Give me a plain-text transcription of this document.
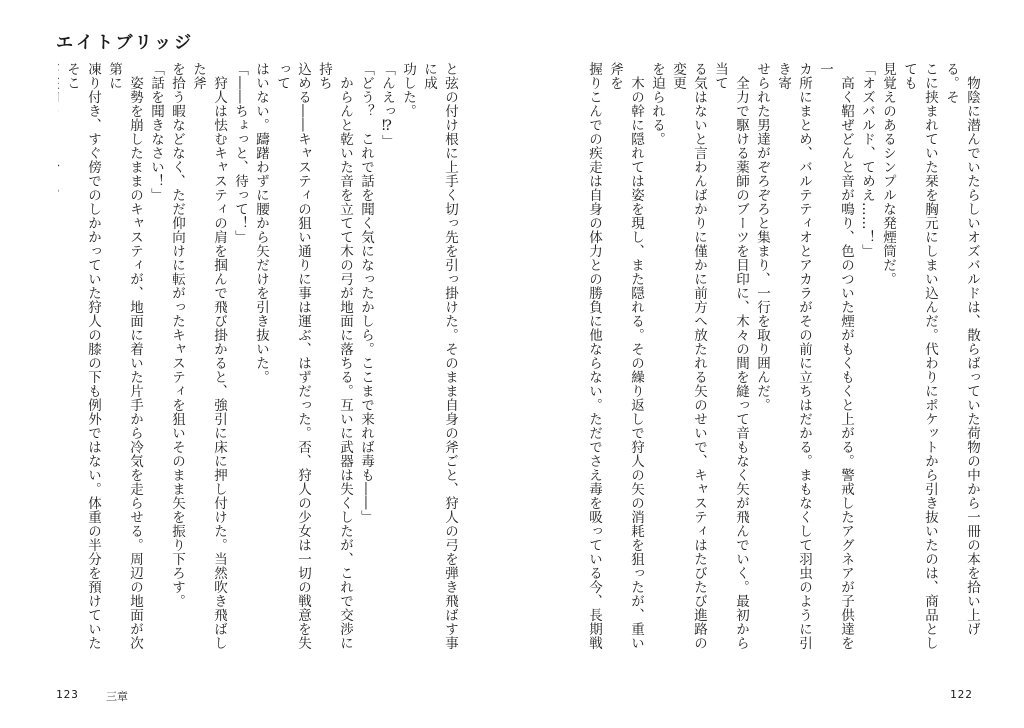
エイトブリッジ

　物陰に潜んでいたらしいオズバルドは、散らばっていた荷物の中から一冊の本を拾い上げる。そ

こに挟まれていた栞を胸元にしまい込んだ。代わりにポケットから引き抜いたのは、商品としても

見覚えのあるシンプルな発煙筒だ。

「オズバルド、てめえ……！」

　高く鞀ぜどんと音が鳴り、色のついた煙がもくもくと上がる。警戒したアグネアが子供達を一

カ所にまとめ、バルテティオとアカラがその前に立ちはだかる。まもなくして羽虫のように引き寄

せられた男達がぞろぞろと集まり、一行を取り囲んだ。

　全力で駆ける薬師のブーツを目印に、木々の間を縫って音もなく矢が飛んでいく。最初から当て

る気はないと言わんばかりに僅かに前方へ放たれる矢のせいで、キャスティはたびたび進路の変更

を迫られる。

　木の幹に隠れては姿を現し、また隠れる。その繰り返しで狩人の矢の消耗を狙ったが、重い斧を

握りこんでの疾走は自身の体力との勝負に他ならない。ただでさえ毒を吸っている今、長期戦

と弦の付け根に上手く切っ先を引っ掛けた。そのまま自身の斧ごと、狩人の弓を弾き飛ばす事に成

功した。

「んえっ⁉」

「どう？　これで話を聞く気になったかしら。ここまで来れば毒も――」

　からんと乾いた音を立てて木の弓が地面に落ちる。互いに武器は失くしたが、これで交渉に持ち

込める――キャスティの狙い通りに事は運ぶ、はずだった。否、狩人の少女は一切の戦意を失って

はいない。躊躇わずに腰から矢だけを引き抜いた。

「――ちょっと、待って！」

　狩人は怯むキャスティの肩を掴んで飛び掛かると、強引に床に押し付けた。当然吹き飛ばした斧

を拾う暇などなく、ただ仰向けに転がったキャスティを狙いそのまま矢を振り下ろす。

「話を聞きなさい！」

　姿勢を崩したままのキャスティが、地面に着いた片手から冷気を走らせる。周辺の地面が次第に

凍り付き、すぐ傍でのしかかっていた狩人の膝の下も例外ではない。体重の半分を預けていたそこ

123 三章	122
